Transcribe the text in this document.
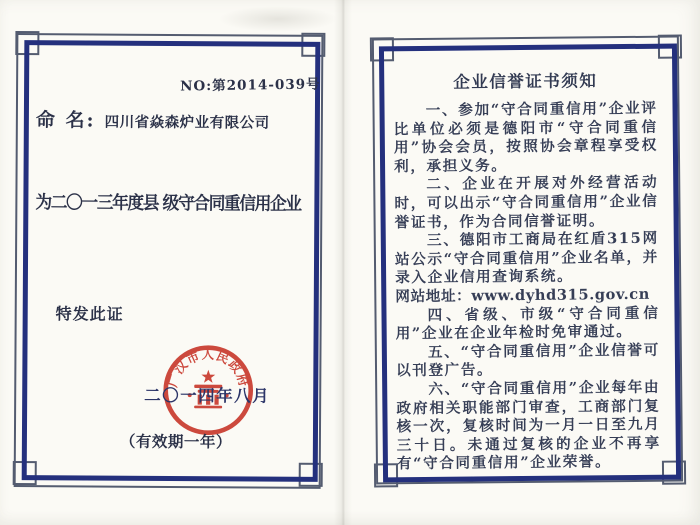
NO:第2014-039号
命 名: 四川省焱森炉业有限公司
为二〇一三年度县 级守合同重信用企业
特发此证
广汉市人民政府
二〇一四年八月
（有效期一年）
企业信誉证书须知

一、参加“守合同重信用”企业评比单位必须是德阳市“守合同重信用”协会会员，按照协会章程享受权利，承担义务。

二、企业在开展对外经营活动时，可以出示“守合同重信用”企业信誉证书，作为合同信誉证明。

三、德阳市工商局在红盾315网站公示“守合同重信用”企业名单，并录入企业信用查询系统。

网站地址：www.dyhd315.gov.cn

四、省级、市级“守合同重信用”企业在企业年检时免审通过。

五、“守合同重信用”企业信誉可以刊登广告。

六、“守合同重信用”企业每年由政府相关职能部门审查，工商部门复核一次，复核时间为一月一日至九月三十日。未通过复核的企业不再享有“守合同重信用”企业荣誉。
